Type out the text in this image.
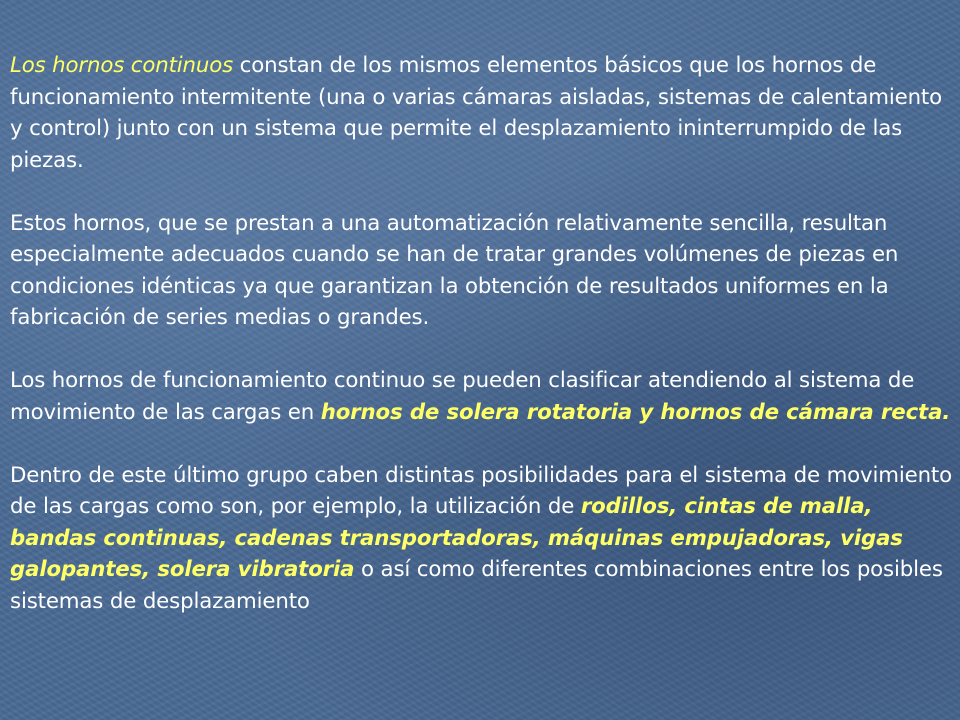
Los hornos continuos constan de los mismos elementos básicos que los hornos de funcionamiento intermitente (una o varias cámaras aisladas, sistemas de calentamiento y control) junto con un sistema que permite el desplazamiento ininterrumpido de las piezas.

Estos hornos, que se prestan a una automatización relativamente sencilla, resultan especialmente adecuados cuando se han de tratar grandes volúmenes de piezas en condiciones idénticas ya que garantizan la obtención de resultados uniformes en la fabricación de series medias o grandes.

Los hornos de funcionamiento continuo se pueden clasificar atendiendo al sistema de movimiento de las cargas en hornos de solera rotatoria y hornos de cámara recta.

Dentro de este último grupo caben distintas posibilidades para el sistema de movimiento de las cargas como son, por ejemplo, la utilización de rodillos, cintas de malla, bandas continuas, cadenas transportadoras, máquinas empujadoras, vigas galopantes, solera vibratoria o así como diferentes combinaciones entre los posibles sistemas de desplazamiento
